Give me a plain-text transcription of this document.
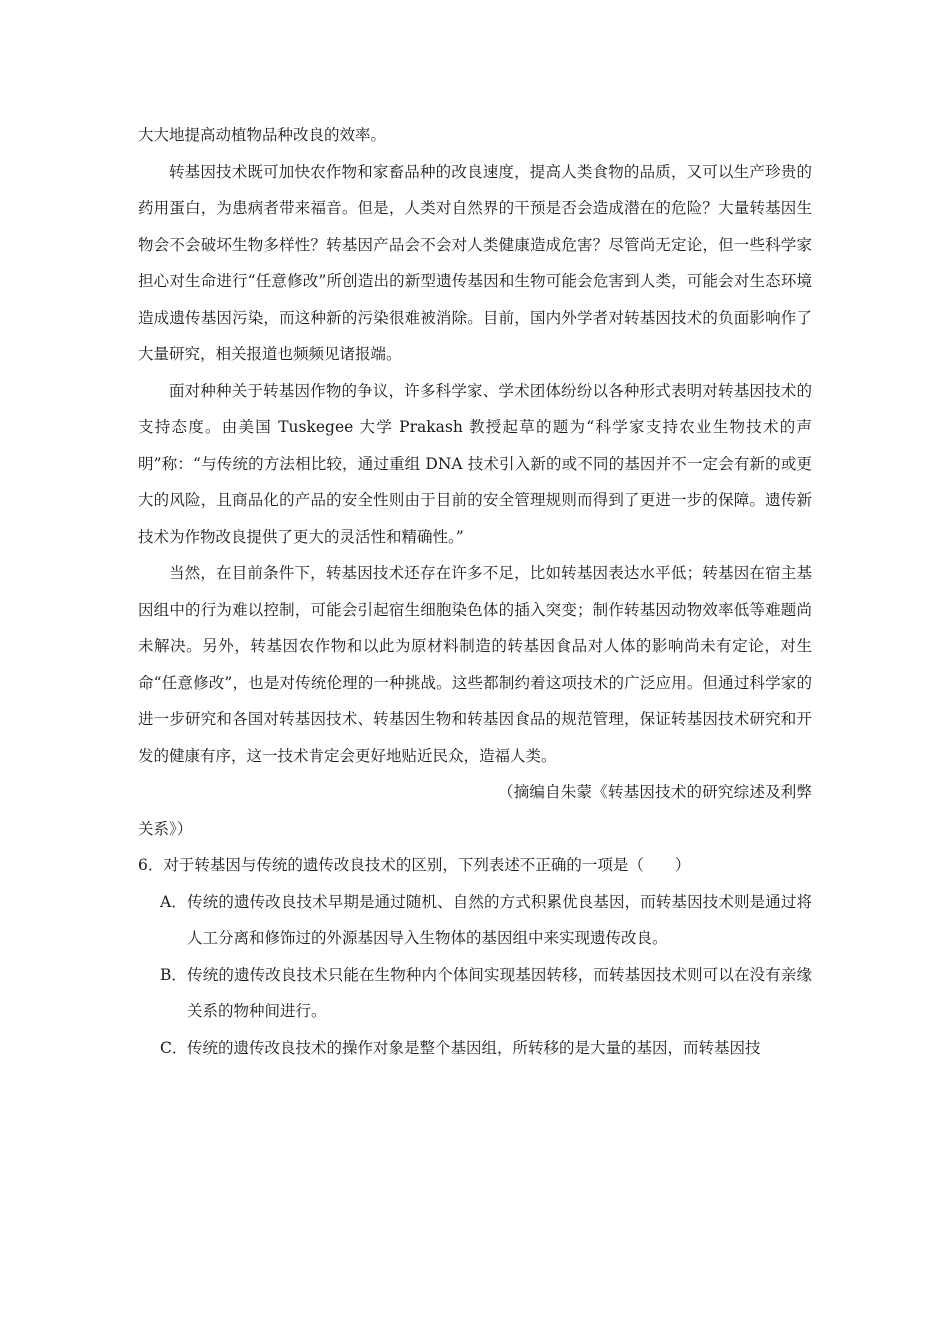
大大地提高动植物品种改良的效率。

转基因技术既可加快农作物和家畜品种的改良速度，提高人类食物的品质，又可以生产珍贵的药用蛋白，为患病者带来福音。但是，人类对自然界的干预是否会造成潜在的危险？大量转基因生物会不会破坏生物多样性？转基因产品会不会对人类健康造成危害？尽管尚无定论，但一些科学家担心对生命进行“任意修改”所创造出的新型遗传基因和生物可能会危害到人类，可能会对生态环境造成遗传基因污染，而这种新的污染很难被消除。目前，国内外学者对转基因技术的负面影响作了大量研究，相关报道也频频见诸报端。

面对种种关于转基因作物的争议，许多科学家、学术团体纷纷以各种形式表明对转基因技术的支持态度。由美国 Tuskegee 大学 Prakash 教授起草的题为“科学家支持农业生物技术的声明”称：“与传统的方法相比较，通过重组 DNA 技术引入新的或不同的基因并不一定会有新的或更大的风险，且商品化的产品的安全性则由于目前的安全管理规则而得到了更进一步的保障。遗传新技术为作物改良提供了更大的灵活性和精确性。”

当然，在目前条件下，转基因技术还存在许多不足，比如转基因表达水平低；转基因在宿主基因组中的行为难以控制，可能会引起宿生细胞染色体的插入突变；制作转基因动物效率低等难题尚未解决。另外，转基因农作物和以此为原材料制造的转基因食品对人体的影响尚未有定论，对生命“任意修改”，也是对传统伦理的一种挑战。这些都制约着这项技术的广泛应用。但通过科学家的进一步研究和各国对转基因技术、转基因生物和转基因食品的规范管理，保证转基因技术研究和开发的健康有序，这一技术肯定会更好地贴近民众，造福人类。

（摘编自朱蒙《转基因技术的研究综述及利弊关系》）

6．对于转基因与传统的遗传改良技术的区别，下列表述不正确的一项是（　　）

A．传统的遗传改良技术早期是通过随机、自然的方式积累优良基因，而转基因技术则是通过将人工分离和修饰过的外源基因导入生物体的基因组中来实现遗传改良。

B．传统的遗传改良技术只能在生物种内个体间实现基因转移，而转基因技术则可以在没有亲缘关系的物种间进行。

C．传统的遗传改良技术的操作对象是整个基因组，所转移的是大量的基因，而转基因技
